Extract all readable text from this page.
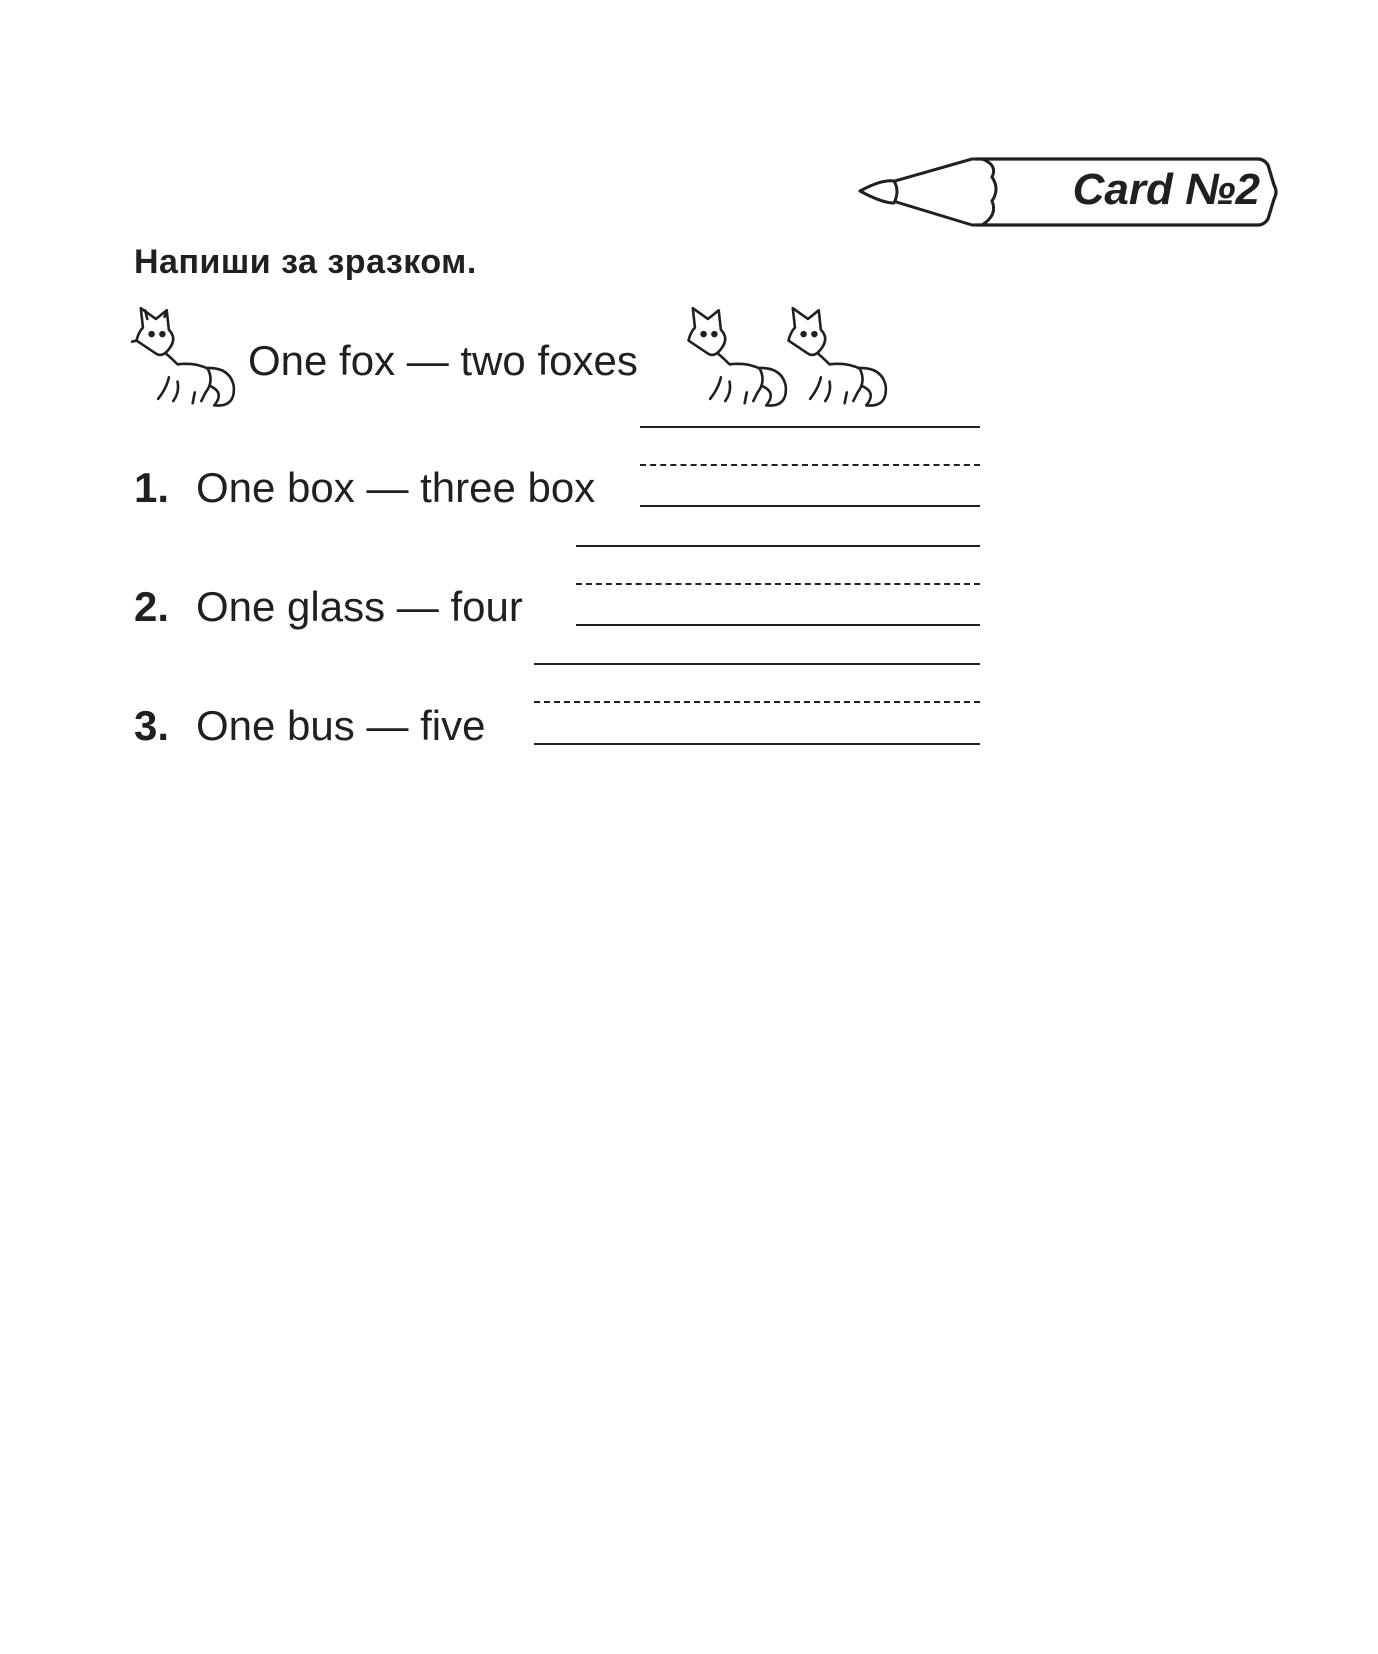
Card №2
Напиши за зразком.
One fox — two foxes
1. One box — three box
2. One glass — four
3. One bus — five
